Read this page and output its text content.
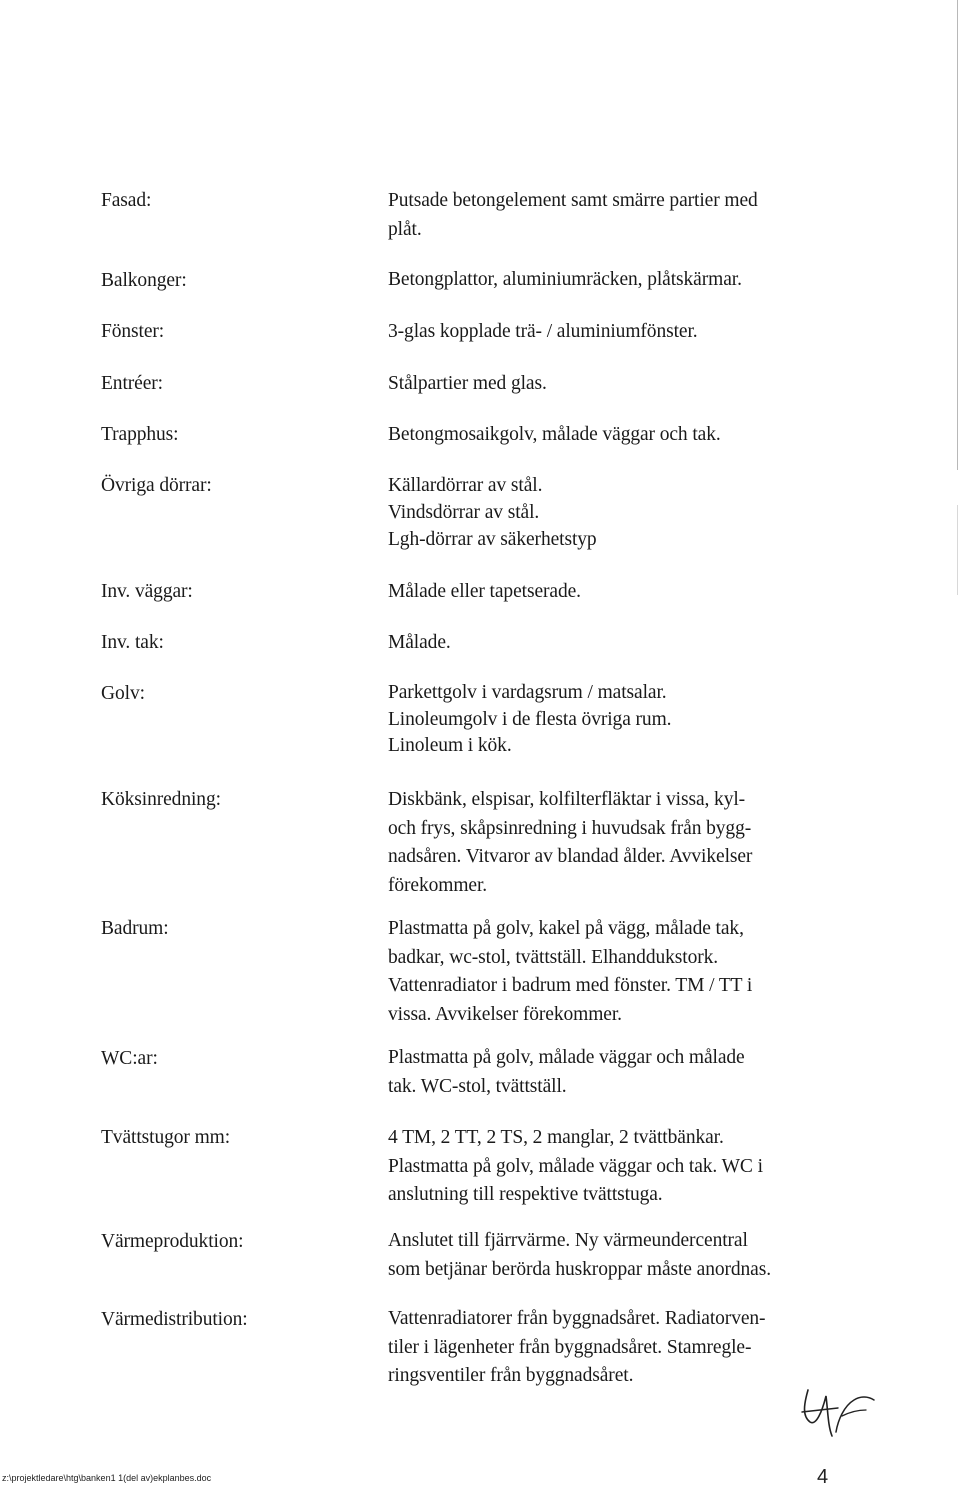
Fasad:	Putsade betongelement samt smärre partier med
plåt.
Balkonger:	Betongplattor, aluminiumräcken, plåtskärmar.
Fönster:	3-glas kopplade trä- / aluminiumfönster.
Entréer:	Stålpartier med glas.
Trapphus:	Betongmosaikgolv, målade väggar och tak.
Övriga dörrar:	Källardörrar av stål.
Vindsdörrar av stål.
Lgh-dörrar av säkerhetstyp
Inv. väggar:	Målade eller tapetserade.
Inv. tak:	Målade.
Golv:	Parkettgolv i vardagsrum / matsalar.
Linoleumgolv i de flesta övriga rum.
Linoleum i kök.
Köksinredning:	Diskbänk, elspisar, kolfilterfläktar i vissa, kyl-
och frys, skåpsinredning i huvudsak från bygg-
nadsåren. Vitvaror av blandad ålder. Avvikelser
förekommer.
Badrum:	Plastmatta på golv, kakel på vägg, målade tak,
badkar, wc-stol, tvättställ. Elhanddukstork.
Vattenradiator i badrum med fönster. TM / TT i
vissa. Avvikelser förekommer.
WC:ar:	Plastmatta på golv, målade väggar och målade
tak. WC-stol, tvättställ.
Tvättstugor mm:	4 TM, 2 TT, 2 TS, 2 manglar, 2 tvättbänkar.
Plastmatta på golv, målade väggar och tak. WC i
anslutning till respektive tvättstuga.
Värmeproduktion:	Anslutet till fjärrvärme. Ny värmeundercentral
som betjänar berörda huskroppar måste anordnas.
Värmedistribution:	Vattenradiatorer från byggnadsåret. Radiatorven-
tiler i lägenheter från byggnadsåret. Stamregle-
ringsventiler från byggnadsåret.
z:\projektledare\htg\banken1 1(del av)ekplanbes.doc	4
